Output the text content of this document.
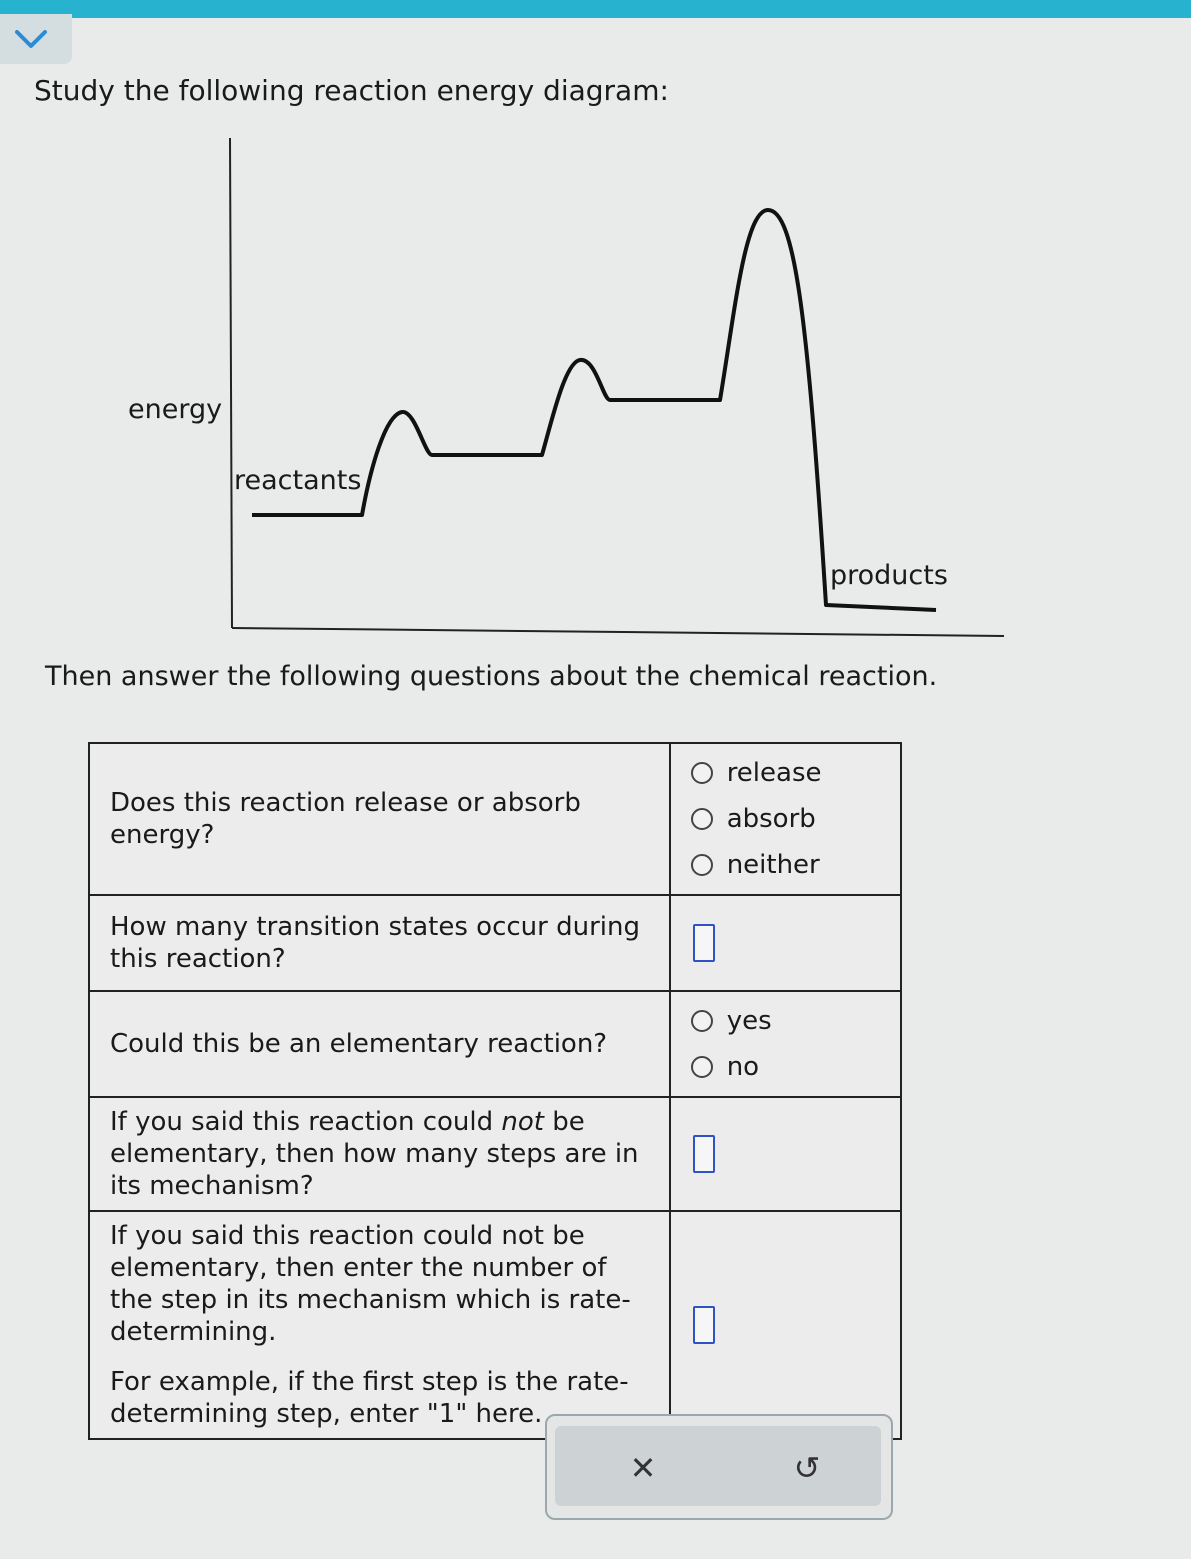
Study the following reaction energy diagram:
energy
reactants
products
Then answer the following questions about the chemical reaction.
Does this reaction release or absorb energy?	release
absorb
neither

How many transition states occur during this reaction?	

Could this be an elementary reaction?	yes
no

If you said this reaction could not be elementary, then how many steps are in its mechanism?	

If you said this reaction could not be elementary, then enter the number of the step in its mechanism which is rate-determining.
For example, if the first step is the rate-determining step, enter "1" here.

✕	↺
